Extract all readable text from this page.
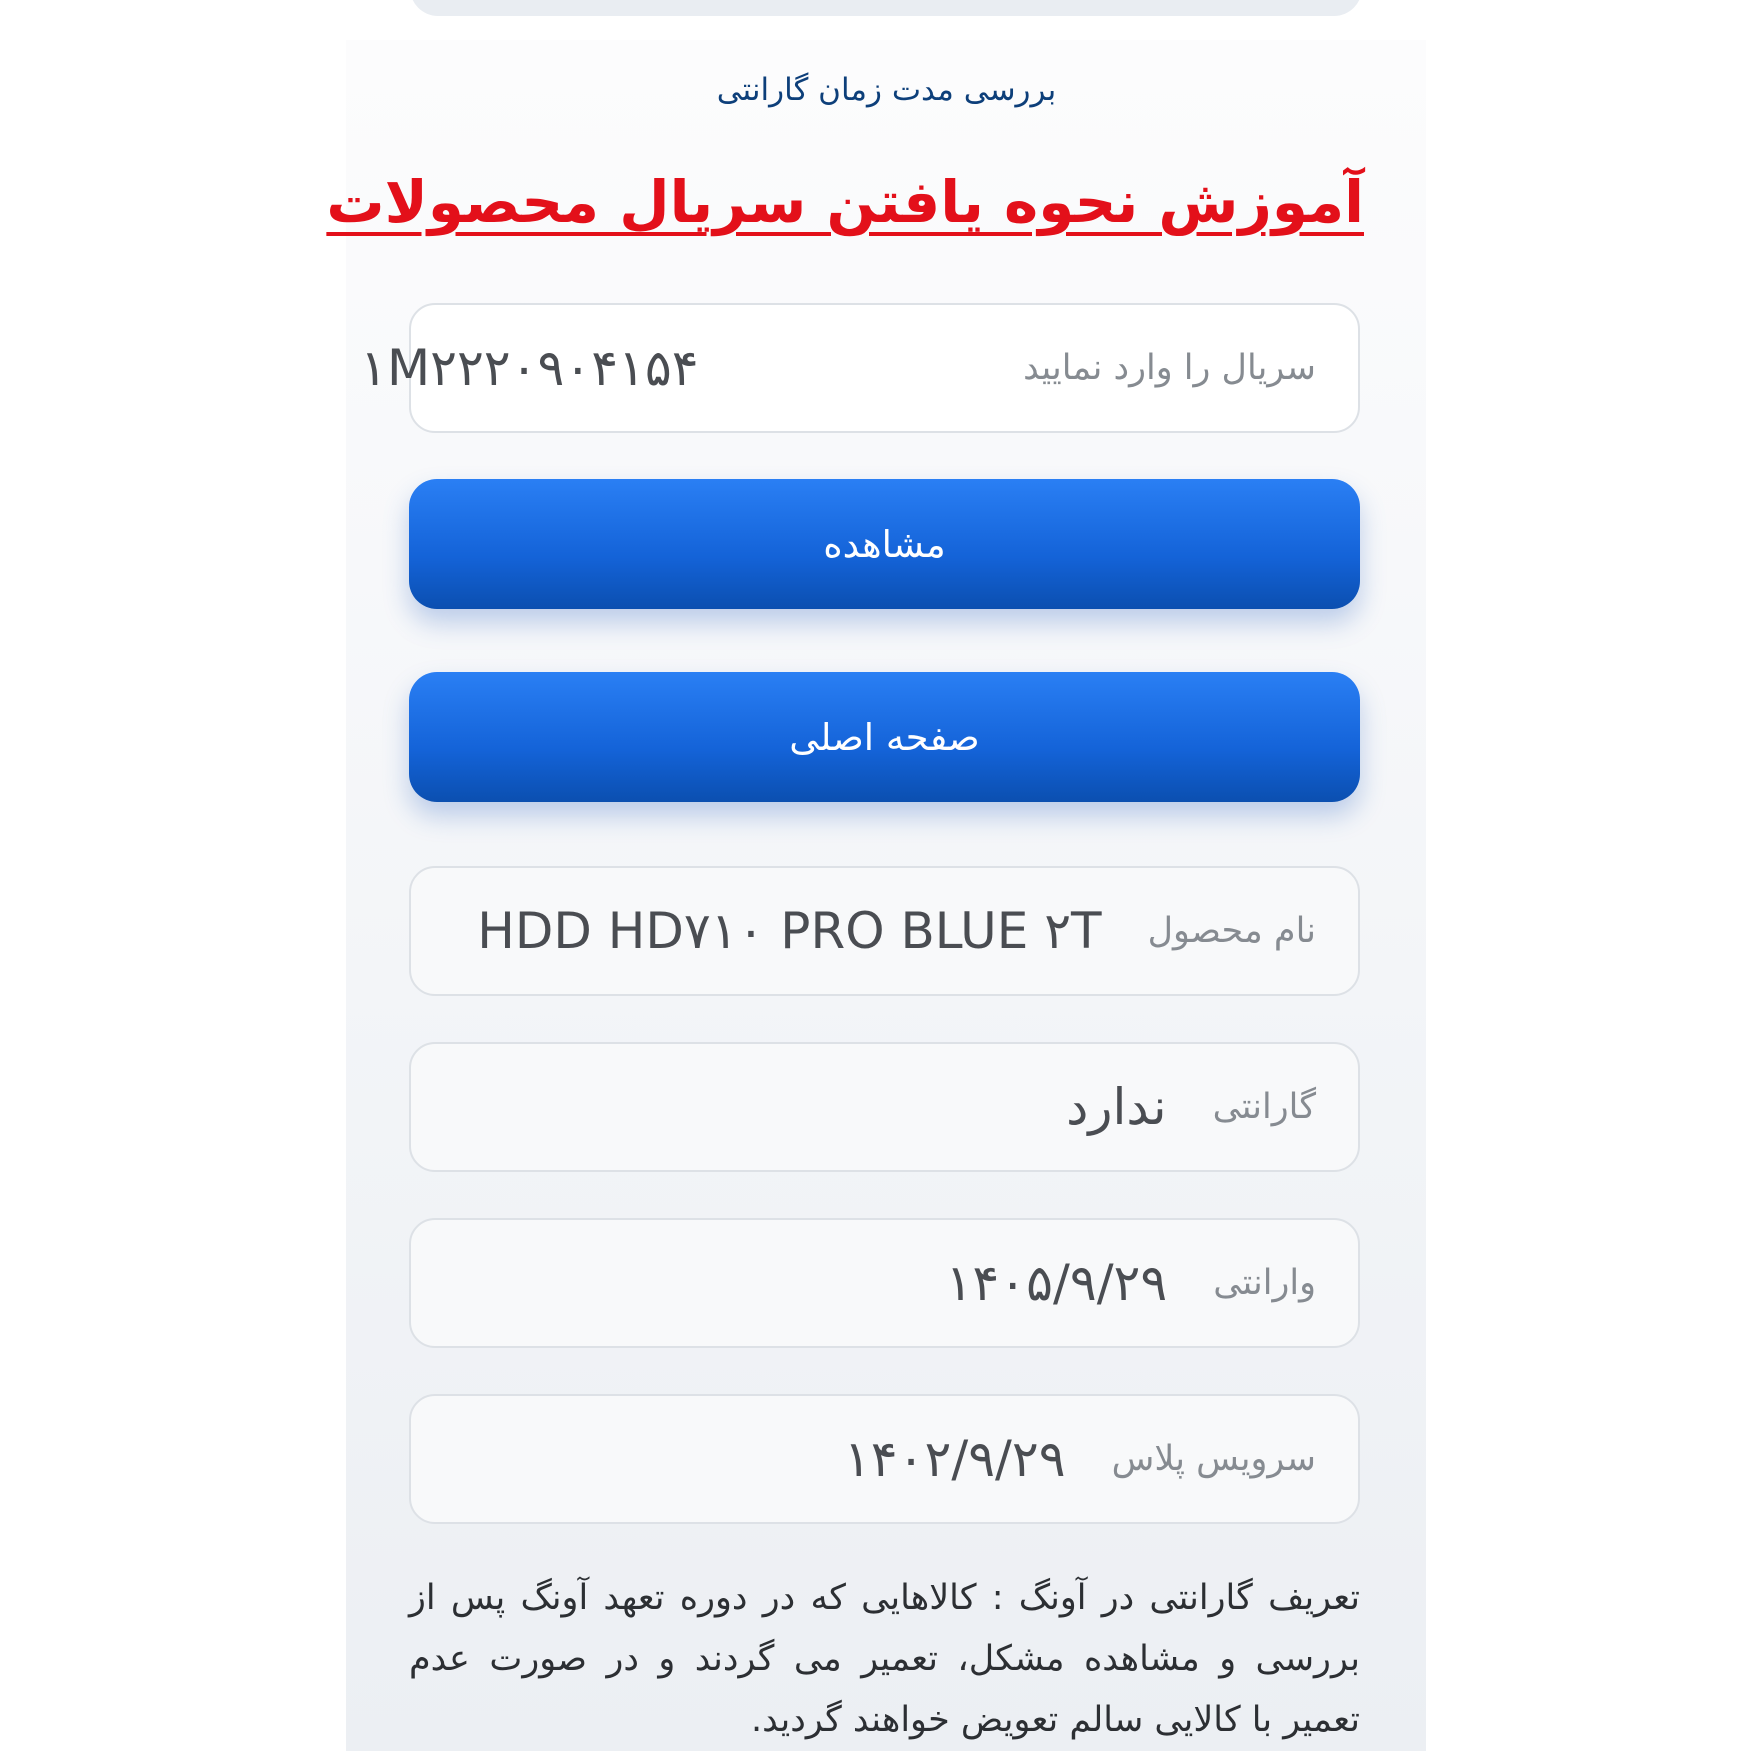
بررسی مدت زمان گارانتی
آموزش نحوه یافتن سریال محصولات
سریال را وارد نمایید
۱M۲۲۲۰۹۰۴۱۵۴
مشاهده
صفحه اصلی
نام محصول
HDD HD۷۱۰ PRO BLUE ۲T
گارانتی
ندارد
وارانتی
۱۴۰۵/۹/۲۹
سرویس پلاس
۱۴۰۲/۹/۲۹
تعریف گارانتی در آونگ : کالاهایی که در دوره تعهد آونگ پس از بررسی و مشاهده مشکل، تعمیر می گردند و در صورت عدم تعمیر با کالایی سالم تعویض خواهند گردید.
